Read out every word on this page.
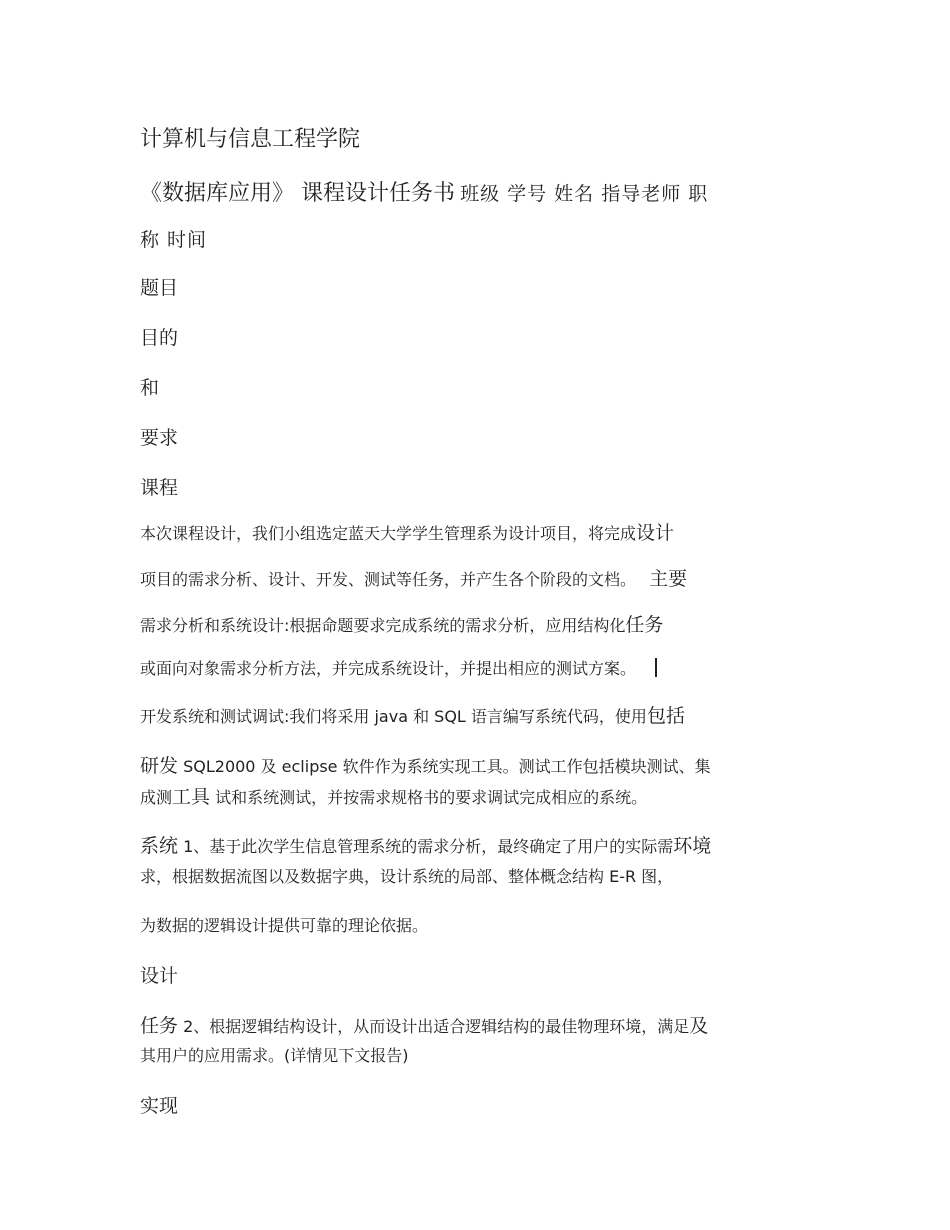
计算机与信息工程学院
《数据库应用》 课程设计任务书 班级 学号 姓名 指导老师 职
称 时间
题目
目的
和
要求
课程
本次课程设计，我们小组选定蓝天大学学生管理系为设计项目，将完成设计
项目的需求分析、设计、开发、测试等任务，并产生各个阶段的文档。 主要
需求分析和系统设计:根据命题要求完成系统的需求分析，应用结构化任务
或面向对象需求分析方法，并完成系统设计，并提出相应的测试方案。
开发系统和测试调试:我们将采用 java 和 SQL 语言编写系统代码，使用包括
研发 SQL2000 及 eclipse 软件作为系统实现工具。测试工作包括模块测试、集
成测工具 试和系统测试，并按需求规格书的要求调试完成相应的系统。
系统 1、基于此次学生信息管理系统的需求分析，最终确定了用户的实际需环境
求，根据数据流图以及数据字典，设计系统的局部、整体概念结构 E-R 图，
为数据的逻辑设计提供可靠的理论依据。
设计
任务 2、根据逻辑结构设计，从而设计出适合逻辑结构的最佳物理环境，满足及
其用户的应用需求。(详情见下文报告)
实现
